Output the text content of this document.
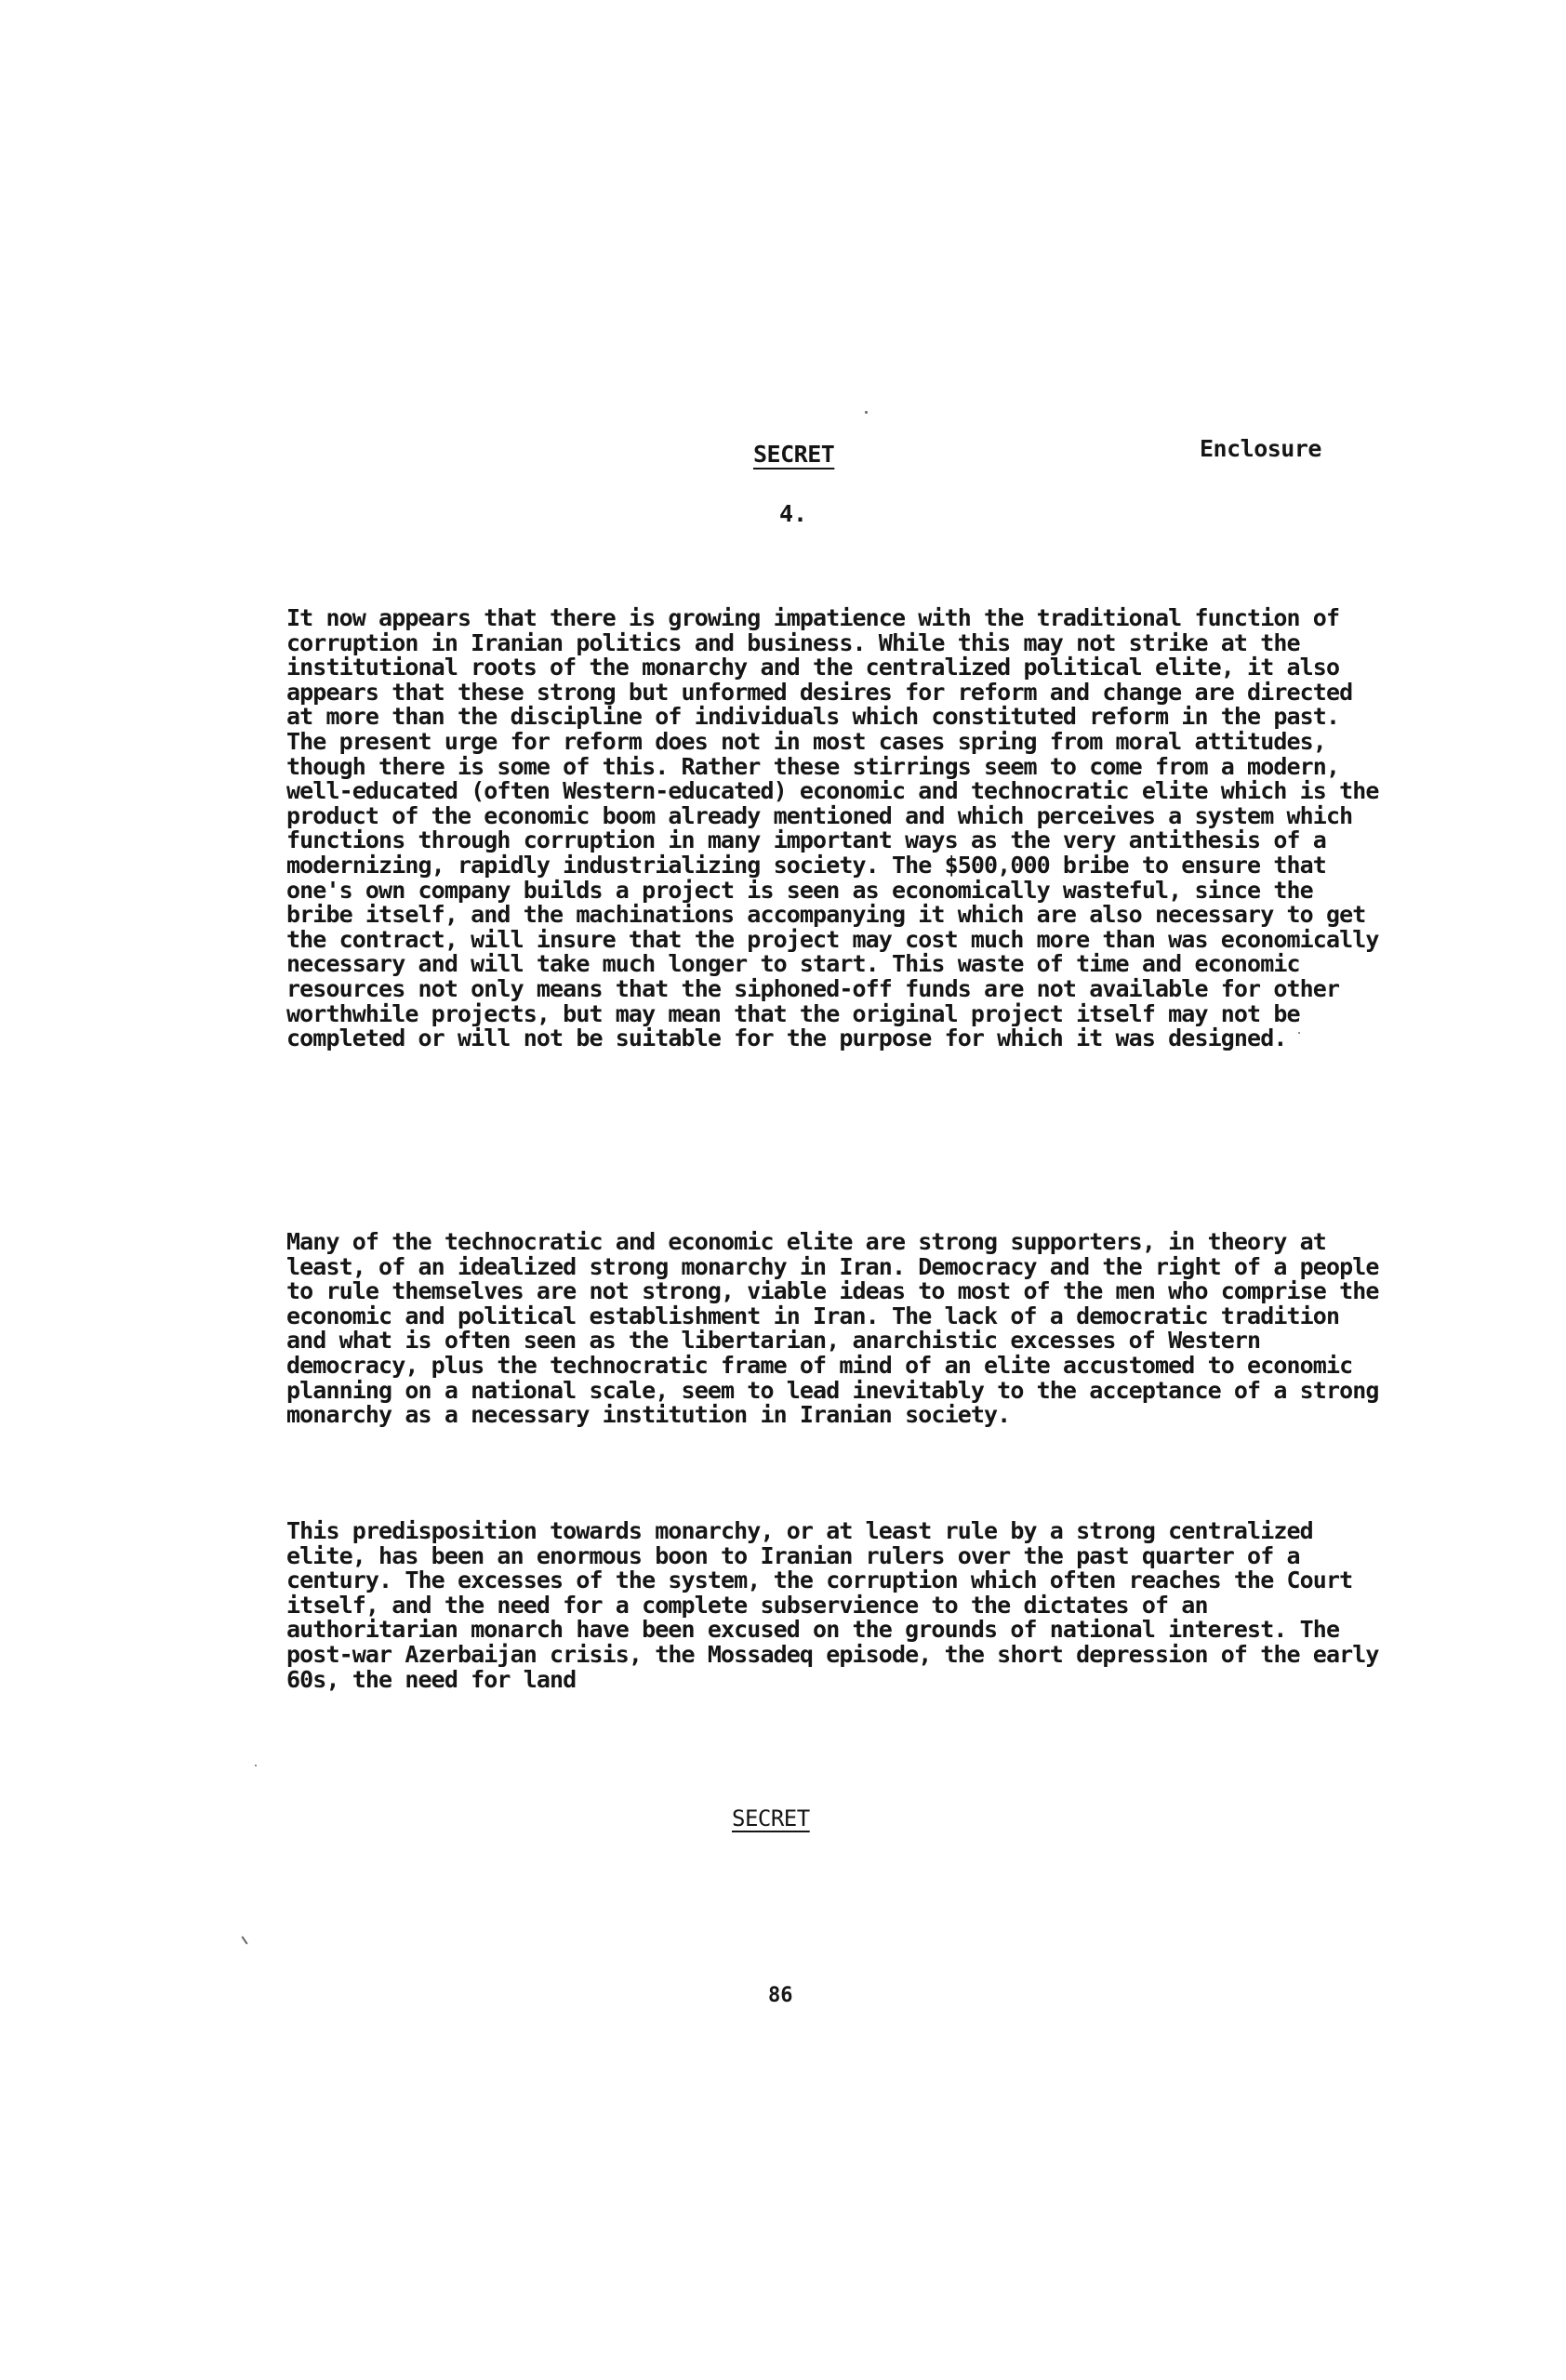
SECRET	Enclosure
4.

It now appears that there is growing impatience with the traditional function of corruption in Iranian politics and business. While this may not strike at the institutional roots of the monarchy and the centralized political elite, it also appears that these strong but unformed desires for reform and change are directed at more than the discipline of individuals which constituted reform in the past. The present urge for reform does not in most cases spring from moral attitudes, though there is some of this. Rather these stirrings seem to come from a modern, well-educated (often Western-educated) economic and technocratic elite which is the product of the economic boom already mentioned and which perceives a system which functions through corruption in many important ways as the very antithesis of a modernizing, rapidly industrializing society. The $500,000 bribe to ensure that one's own company builds a project is seen as economically wasteful, since the bribe itself, and the machinations accompanying it which are also necessary to get the contract, will insure that the project may cost much more than was economically necessary and will take much longer to start. This waste of time and economic resources not only means that the siphoned-off funds are not available for other worthwhile projects, but may mean that the original project itself may not be completed or will not be suitable for the purpose for which it was designed.

Many of the technocratic and economic elite are strong supporters, in theory at least, of an idealized strong monarchy in Iran. Democracy and the right of a people to rule themselves are not strong, viable ideas to most of the men who comprise the economic and political establishment in Iran. The lack of a democratic tradition and what is often seen as the libertarian, anarchistic excesses of Western democracy, plus the technocratic frame of mind of an elite accustomed to economic planning on a national scale, seem to lead inevitably to the acceptance of a strong monarchy as a necessary institution in Iranian society.

This predisposition towards monarchy, or at least rule by a strong centralized elite, has been an enormous boon to Iranian rulers over the past quarter of a century. The excesses of the system, the corruption which often reaches the Court itself, and the need for a complete subservience to the dictates of an authoritarian monarch have been excused on the grounds of national interest. The post-war Azerbaijan crisis, the Mossadeq episode, the short depression of the early 60s, the need for land

SECRET
86
